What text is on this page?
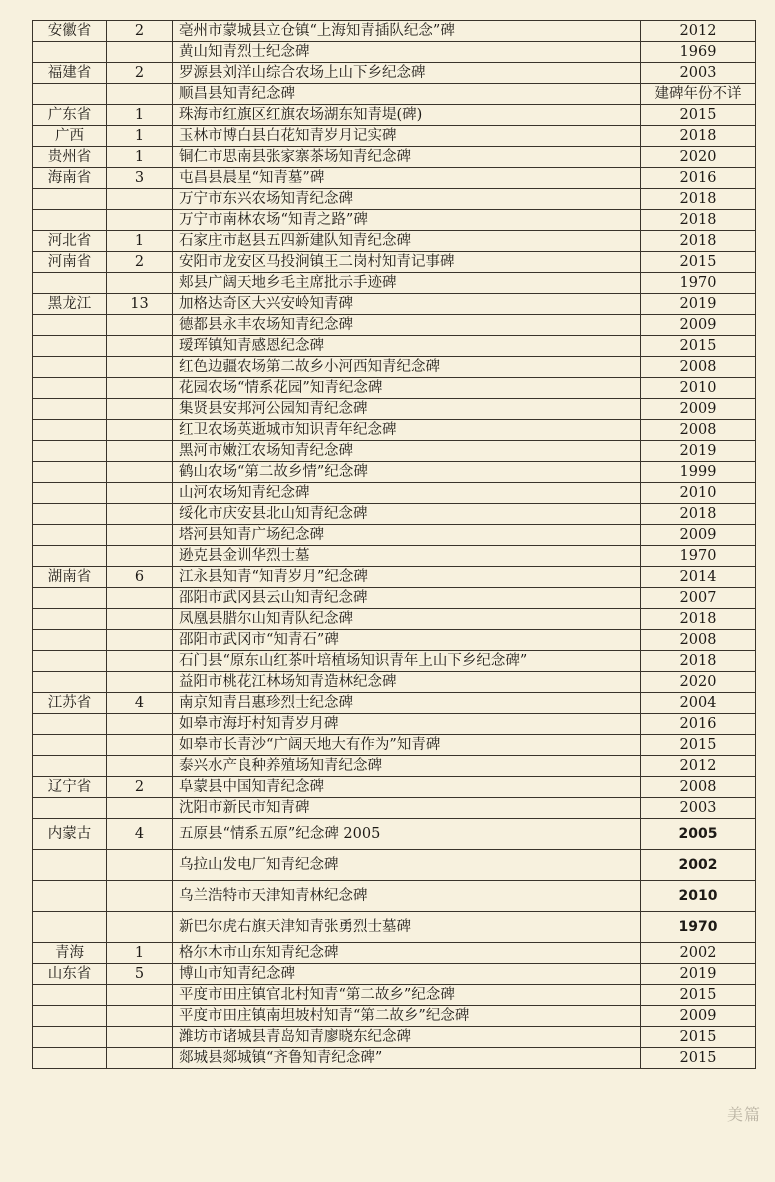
安徽省	2	亳州市蒙城县立仓镇“上海知青插队纪念”碑	2012
		黄山知青烈士纪念碑	1969
福建省	2	罗源县刘洋山综合农场上山下乡纪念碑	2003
		顺昌县知青纪念碑	建碑年份不详
广东省	1	珠海市红旗区红旗农场湖东知青堤(碑)	2015
广西	1	玉林市博白县白花知青岁月记实碑	2018
贵州省	1	铜仁市思南县张家寨茶场知青纪念碑	2020
海南省	3	屯昌县晨星“知青墓”碑	2016
		万宁市东兴农场知青纪念碑	2018
		万宁市南林农场“知青之路”碑	2018
河北省	1	石家庄市赵县五四新建队知青纪念碑	2018
河南省	2	安阳市龙安区马投涧镇王二岗村知青记事碑	2015
		郏县广阔天地乡毛主席批示手迹碑	1970
黑龙江	13	加格达奇区大兴安岭知青碑	2019
		德都县永丰农场知青纪念碑	2009
		瑷珲镇知青感恩纪念碑	2015
		红色边疆农场第二故乡小河西知青纪念碑	2008
		花园农场“情系花园”知青纪念碑	2010
		集贤县安邦河公园知青纪念碑	2009
		红卫农场英逝城市知识青年纪念碑	2008
		黑河市嫩江农场知青纪念碑	2019
		鹤山农场“第二故乡情”纪念碑	1999
		山河农场知青纪念碑	2010
		绥化市庆安县北山知青纪念碑	2018
		塔河县知青广场纪念碑	2009
		逊克县金训华烈士墓	1970
湖南省	6	江永县知青“知青岁月”纪念碑	2014
		邵阳市武冈县云山知青纪念碑	2007
		凤凰县腊尔山知青队纪念碑	2018
		邵阳市武冈市“知青石”碑	2008
		石门县“原东山红茶叶培植场知识青年上山下乡纪念碑”	2018
		益阳市桃花江林场知青造林纪念碑	2020
江苏省	4	南京知青吕惠珍烈士纪念碑	2004
		如皋市海圩村知青岁月碑	2016
		如皋市长青沙“广阔天地大有作为”知青碑	2015
		泰兴水产良种养殖场知青纪念碑	2012
辽宁省	2	阜蒙县中国知青纪念碑	2008
		沈阳市新民市知青碑	2003
内蒙古	4	五原县“情系五原”纪念碑 2005	2005
		乌拉山发电厂知青纪念碑	2002
		乌兰浩特市天津知青林纪念碑	2010
		新巴尔虎右旗天津知青张勇烈士墓碑	1970
青海	1	格尔木市山东知青纪念碑	2002
山东省	5	博山市知青纪念碑	2019
		平度市田庄镇官北村知青“第二故乡”纪念碑	2015
		平度市田庄镇南坦坡村知青“第二故乡”纪念碑	2009
		潍坊市诸城县青岛知青廖晓东纪念碑	2015
		郯城县郯城镇“齐鲁知青纪念碑”	2015
美篇
